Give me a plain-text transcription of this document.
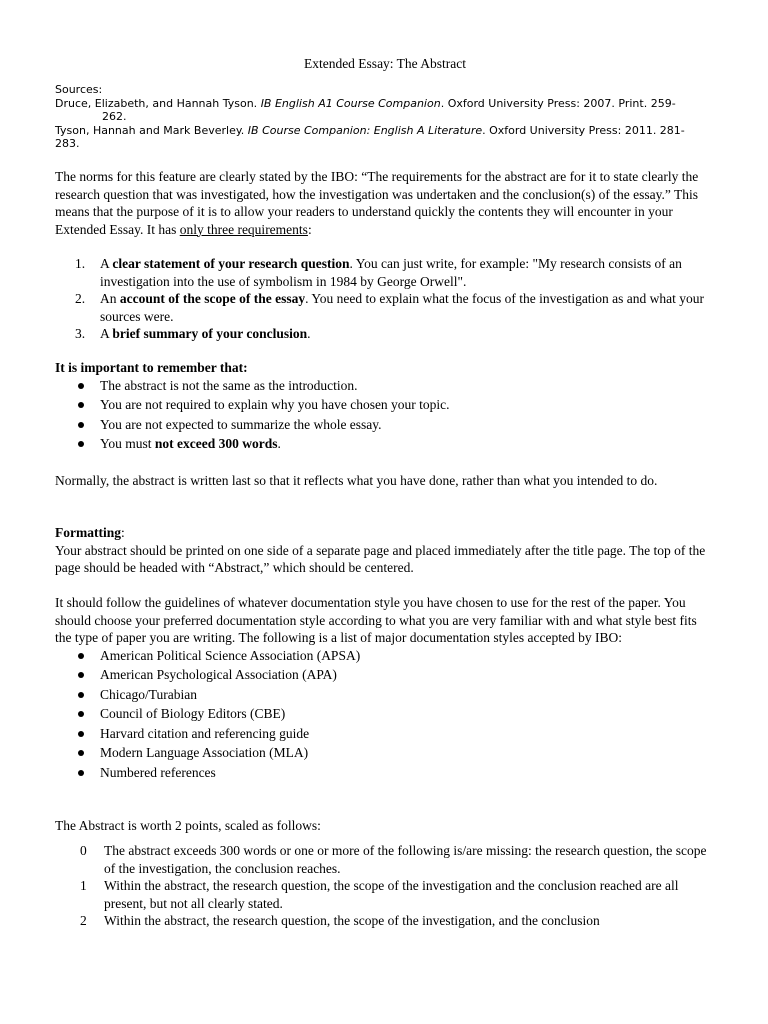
Extended Essay: The Abstract
Sources:
Druce, Elizabeth, and Hannah Tyson. IB English A1 Course Companion. Oxford University Press: 2007. Print. 259-
262.
Tyson, Hannah and Mark Beverley. IB Course Companion: English A Literature. Oxford University Press: 2011. 281-
283.
The norms for this feature are clearly stated by the IBO: “The requirements for the abstract are for it to state clearly the research question that was investigated, how the investigation was undertaken and the conclusion(s) of the essay.” This means that the purpose of it is to allow your readers to understand quickly the contents they will encounter in your Extended Essay. It has only three requirements:
1. A clear statement of your research question. You can just write, for example: "My research consists of an investigation into the use of symbolism in 1984 by George Orwell".
2. An account of the scope of the essay. You need to explain what the focus of the investigation as and what your sources were.
3. A brief summary of your conclusion.
It is important to remember that:
The abstract is not the same as the introduction.
You are not required to explain why you have chosen your topic.
You are not expected to summarize the whole essay.
You must not exceed 300 words.
Normally, the abstract is written last so that it reflects what you have done, rather than what you intended to do.
Formatting:
Your abstract should be printed on one side of a separate page and placed immediately after the title page. The top of the page should be headed with “Abstract,” which should be centered.
It should follow the guidelines of whatever documentation style you have chosen to use for the rest of the paper. You should choose your preferred documentation style according to what you are very familiar with and what style best fits the type of paper you are writing. The following is a list of major documentation styles accepted by IBO:
American Political Science Association (APSA)
American Psychological Association (APA)
Chicago/Turabian
Council of Biology Editors (CBE)
Harvard citation and referencing guide
Modern Language Association (MLA)
Numbered references
The Abstract is worth 2 points, scaled as follows:
0 The abstract exceeds 300 words or one or more of the following is/are missing: the research question, the scope of the investigation, the conclusion reaches.
1 Within the abstract, the research question, the scope of the investigation and the conclusion reached are all present, but not all clearly stated.
2 Within the abstract, the research question, the scope of the investigation, and the conclusion
